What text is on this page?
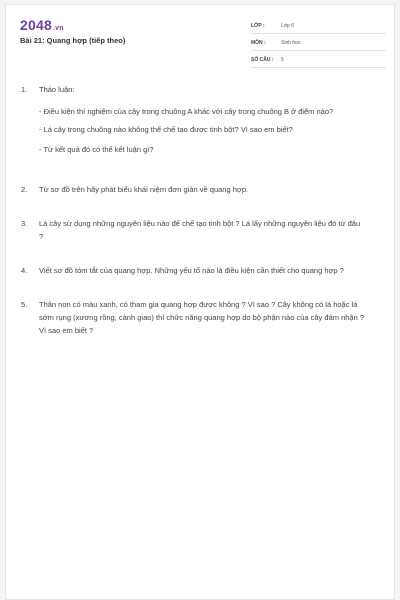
2048.vn
Bài 21: Quang hợp (tiếp theo)
LỚP :	Lớp 6
MÔN :	Sinh học
SỐ CÂU :	5
1.	Thảo luận:
- Điều kiện thí nghiệm của cây trong chuông A khác với cây trong chuông B ở điểm nào?
- Lá cây trong chuông nào không thể chế tạo được tinh bột? Vì sao em biết?
- Từ kết quả đó có thể kết luận gì?
2.	Từ sơ đồ trên hãy phát biểu khái niệm đơn giản về quang hợp.
3.	Lá cây sử dụng những nguyên liệu nào để chế tạo tinh bột ? Lá lấy những nguyên liệu đó từ đâu ?
4.	Viết sơ đồ tóm tắt của quang hợp. Những yếu tố nào là điều kiện cần thiết cho quang hợp ?
5.	Thân non có màu xanh, có tham gia quang hợp được không ? Vì sao ? Cây không có lá hoặc lá sớm rụng (xương rồng, cành giao) thì chức năng quang hợp do bộ phận nào của cây đảm nhận ? Vì sao em biết ?
